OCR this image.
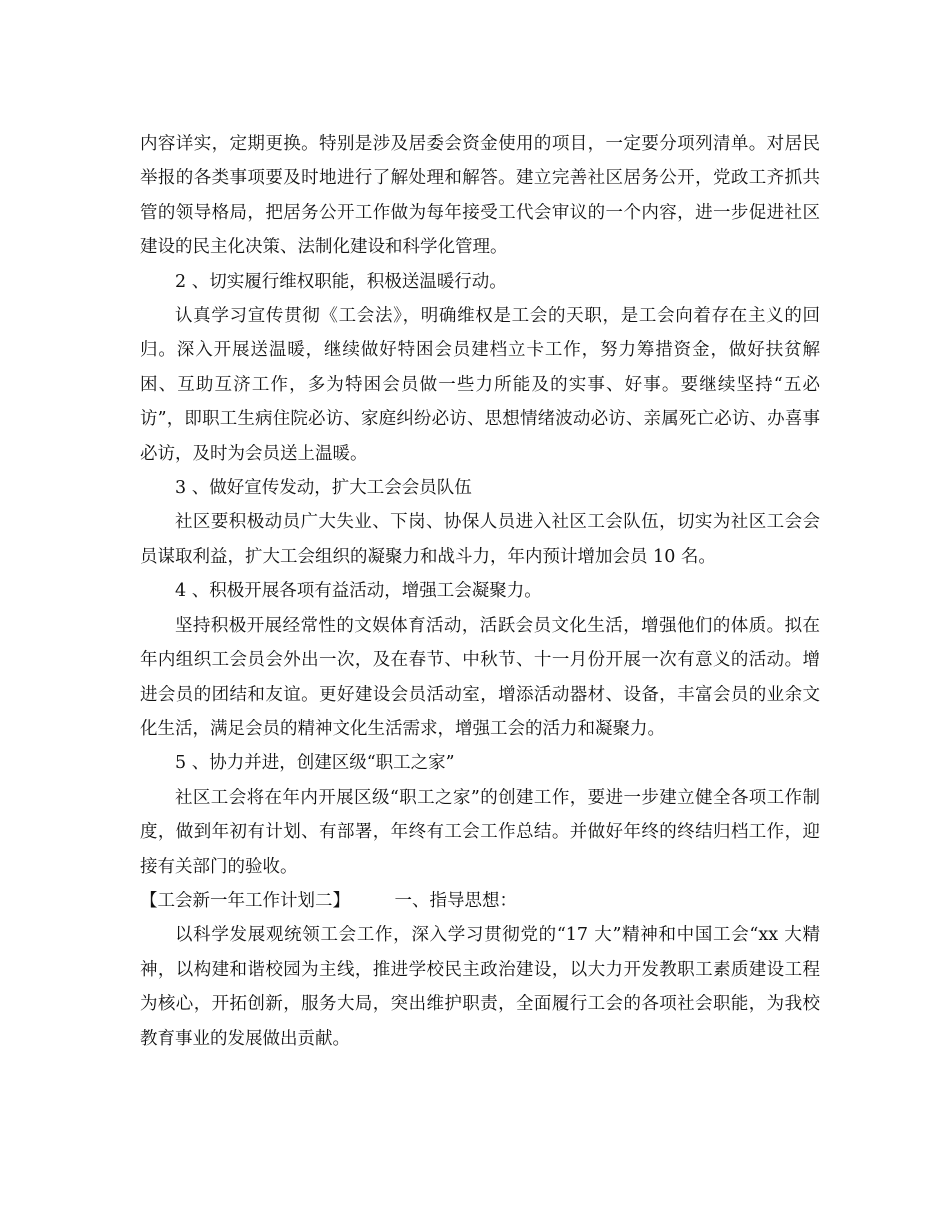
内容详实，定期更换。特别是涉及居委会资金使用的项目，一定要分项列清单。对居民举报的各类事项要及时地进行了解处理和解答。建立完善社区居务公开，党政工齐抓共管的领导格局，把居务公开工作做为每年接受工代会审议的一个内容，进一步促进社区建设的民主化决策、法制化建设和科学化管理。

2 、切实履行维权职能，积极送温暖行动。

认真学习宣传贯彻《工会法》，明确维权是工会的天职，是工会向着存在主义的回归。深入开展送温暖，继续做好特困会员建档立卡工作，努力筹措资金，做好扶贫解困、互助互济工作，多为特困会员做一些力所能及的实事、好事。要继续坚持“五必访”，即职工生病住院必访、家庭纠纷必访、思想情绪波动必访、亲属死亡必访、办喜事必访，及时为会员送上温暖。

3 、做好宣传发动，扩大工会会员队伍

社区要积极动员广大失业、下岗、协保人员进入社区工会队伍，切实为社区工会会员谋取利益，扩大工会组织的凝聚力和战斗力，年内预计增加会员 10 名。

4 、积极开展各项有益活动，增强工会凝聚力。

坚持积极开展经常性的文娱体育活动，活跃会员文化生活，增强他们的体质。拟在年内组织工会员会外出一次，及在春节、中秋节、十一月份开展一次有意义的活动。增进会员的团结和友谊。更好建设会员活动室，增添活动器材、设备，丰富会员的业余文化生活，满足会员的精神文化生活需求，增强工会的活力和凝聚力。

5 、协力并进，创建区级“职工之家”

社区工会将在年内开展区级“职工之家”的创建工作，要进一步建立健全各项工作制度，做到年初有计划、有部署，年终有工会工作总结。并做好年终的终结归档工作，迎接有关部门的验收。

【工会新一年工作计划二】	一、指导思想：

以科学发展观统领工会工作，深入学习贯彻党的“17 大”精神和中国工会“xx 大精神，以构建和谐校园为主线，推进学校民主政治建设，以大力开发教职工素质建设工程为核心，开拓创新，服务大局，突出维护职责，全面履行工会的各项社会职能，为我校教育事业的发展做出贡献。
